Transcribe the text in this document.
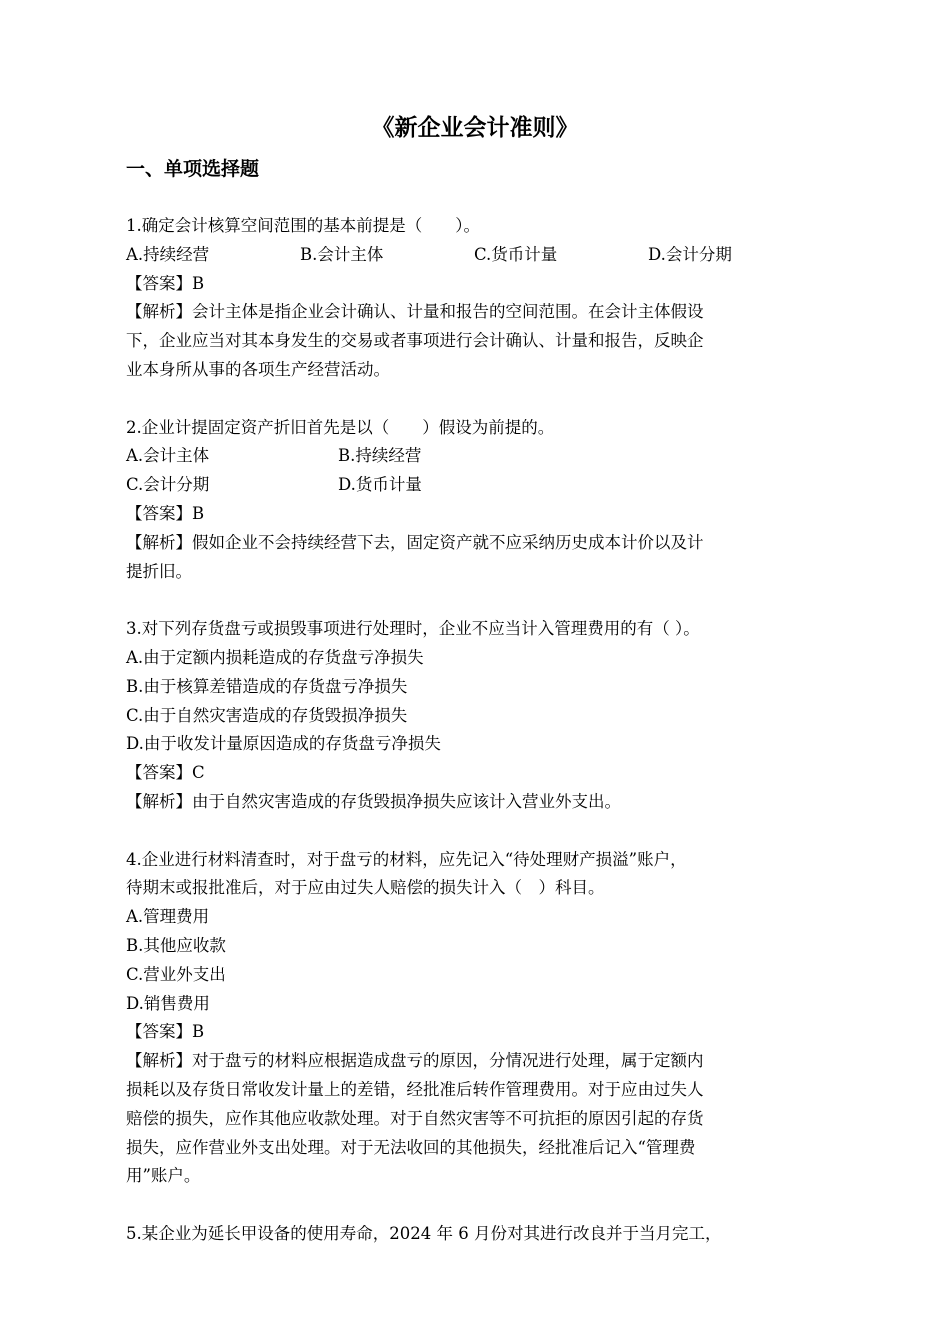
《新企业会计准则》
一、单项选择题
1.确定会计核算空间范围的基本前提是（　　）。
A.持续经营	B.会计主体	C.货币计量	D.会计分期
【答案】B
【解析】会计主体是指企业会计确认、计量和报告的空间范围。在会计主体假设
下，企业应当对其本身发生的交易或者事项进行会计确认、计量和报告，反映企
业本身所从事的各项生产经营活动。
2.企业计提固定资产折旧首先是以（　　）假设为前提的。
A.会计主体	B.持续经营
C.会计分期	D.货币计量
【答案】B
【解析】假如企业不会持续经营下去，固定资产就不应采纳历史成本计价以及计
提折旧。
3.对下列存货盘亏或损毁事项进行处理时，企业不应当计入管理费用的有（ ）。
A.由于定额内损耗造成的存货盘亏净损失
B.由于核算差错造成的存货盘亏净损失
C.由于自然灾害造成的存货毁损净损失
D.由于收发计量原因造成的存货盘亏净损失
【答案】C
【解析】由于自然灾害造成的存货毁损净损失应该计入营业外支出。
4.企业进行材料清查时，对于盘亏的材料，应先记入“待处理财产损溢”账户，
待期末或报批准后，对于应由过失人赔偿的损失计入（　）科目。
A.管理费用
B.其他应收款
C.营业外支出
D.销售费用
【答案】B
【解析】对于盘亏的材料应根据造成盘亏的原因，分情况进行处理，属于定额内
损耗以及存货日常收发计量上的差错，经批准后转作管理费用。对于应由过失人
赔偿的损失，应作其他应收款处理。对于自然灾害等不可抗拒的原因引起的存货
损失，应作营业外支出处理。对于无法收回的其他损失，经批准后记入“管理费
用”账户。
5.某企业为延长甲设备的使用寿命，2024 年 6 月份对其进行改良并于当月完工，
